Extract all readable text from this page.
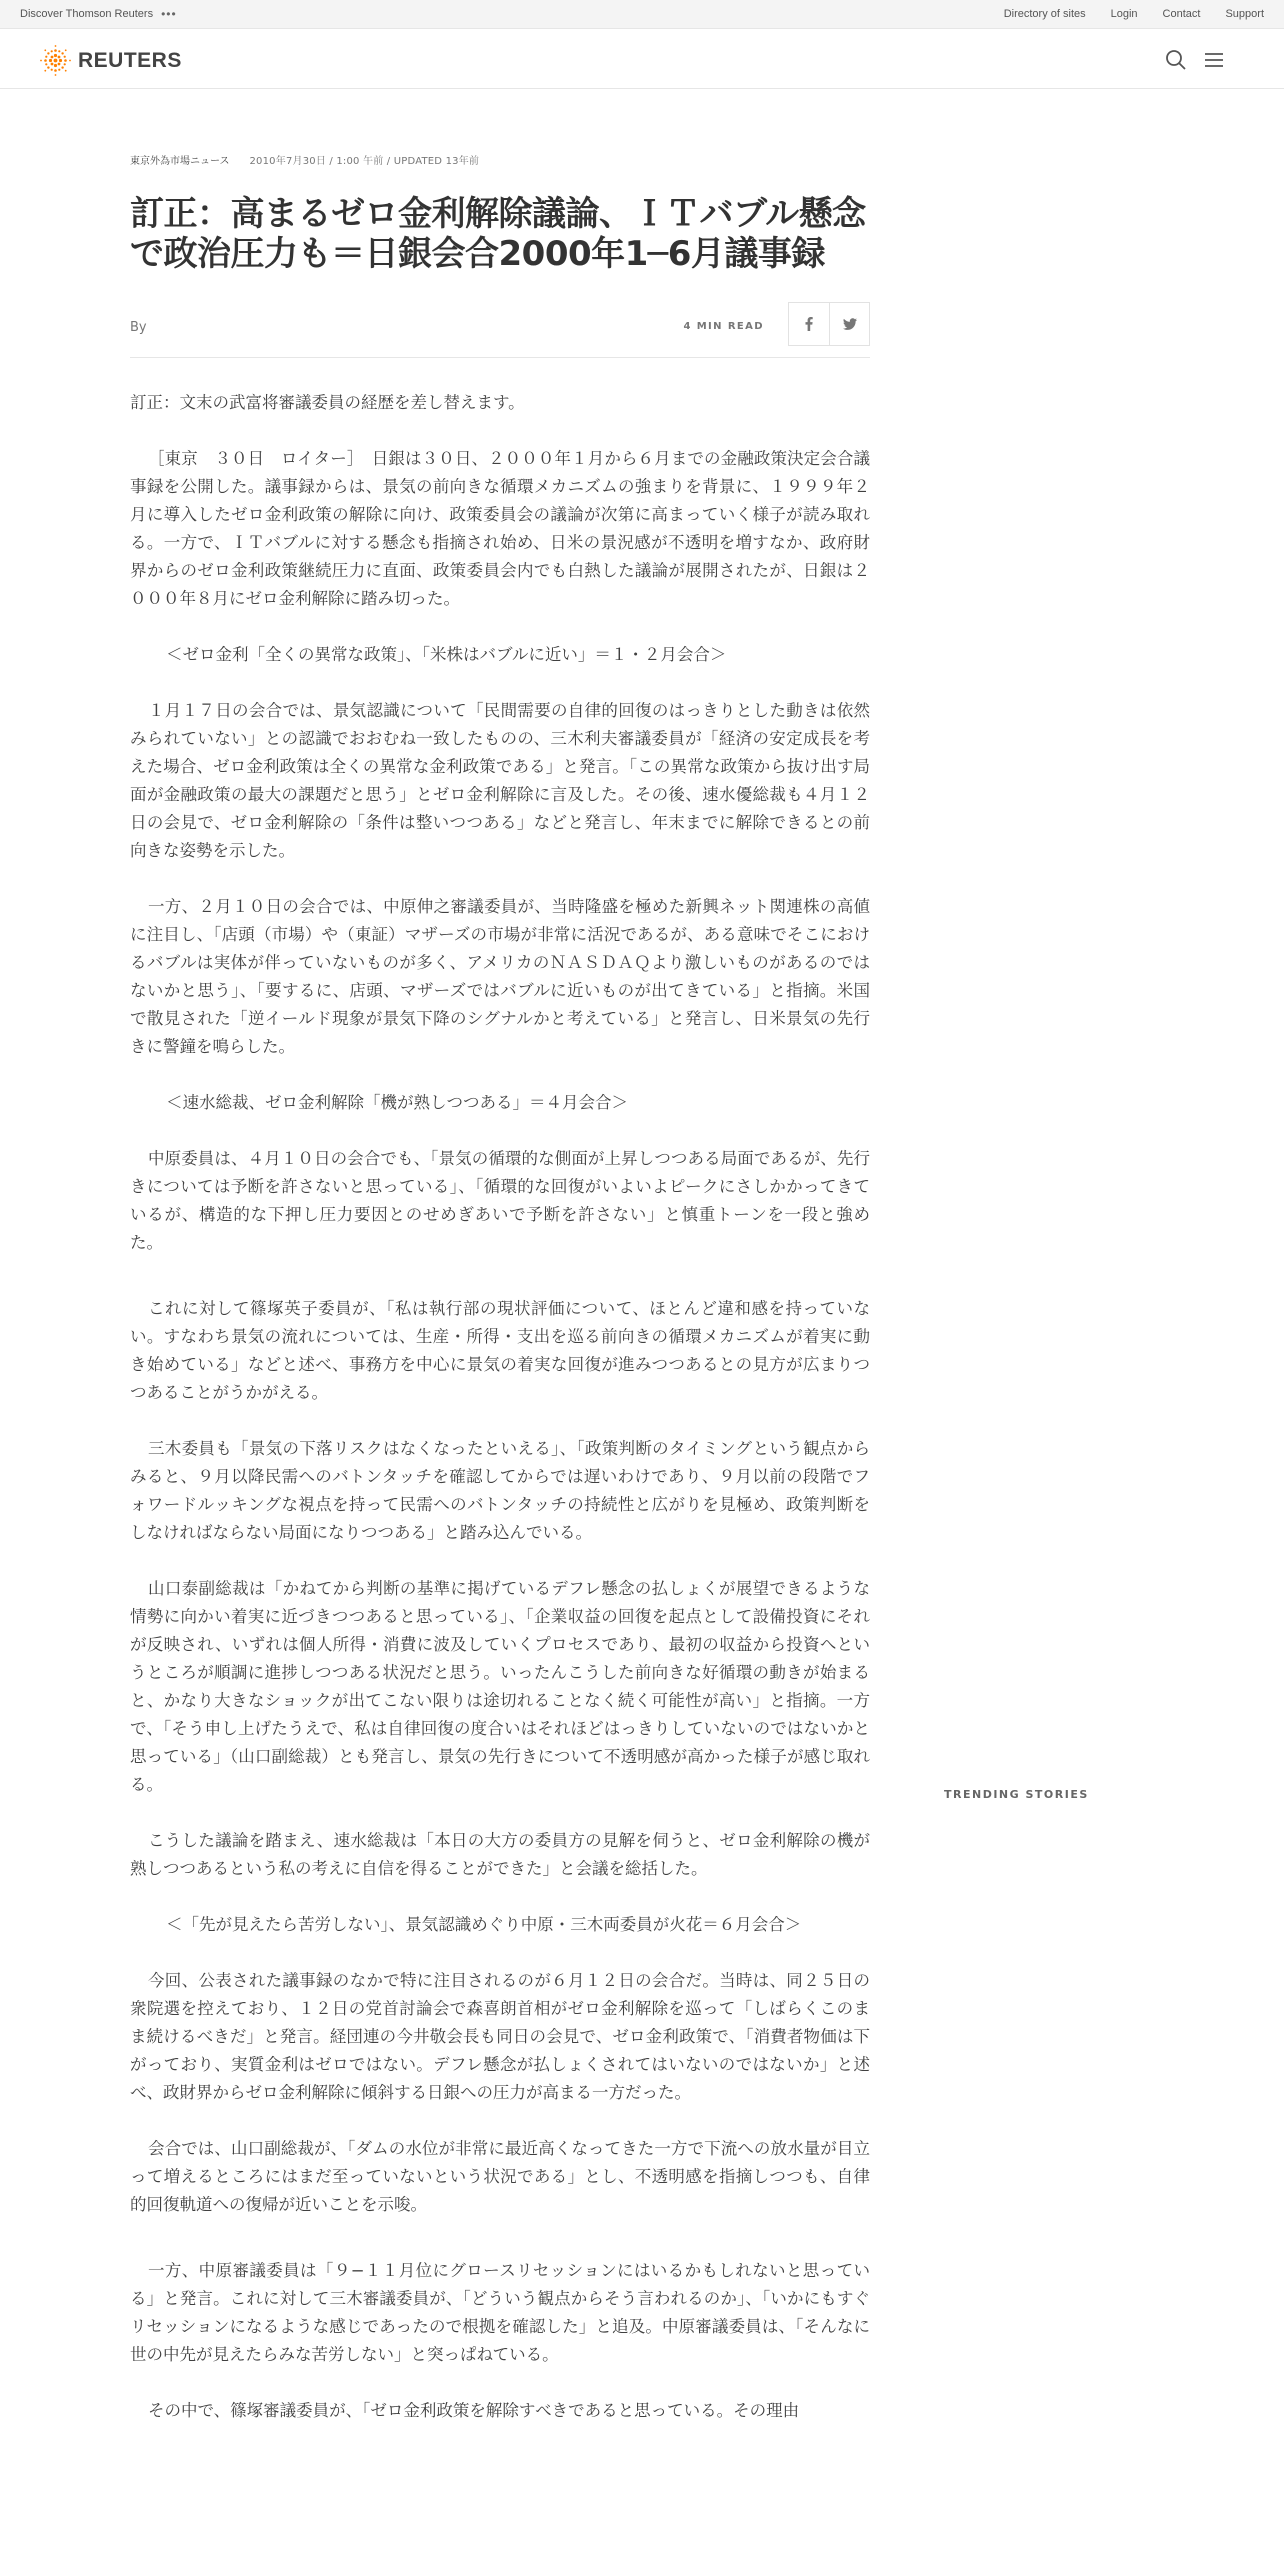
Discover Thomson Reuters •••	Directory of sites Login Contact Support
REUTERS
東京外為市場ニュース 2010年7月30日 / 1:00 午前 / UPDATED 13年前
訂正：高まるゼロ金利解除議論、ＩＴバブル懸念で政治圧力も＝日銀会合2000年1─6月議事録
By	4 MIN READ

訂正：文末の武富将審議委員の経歴を差し替えます。

［東京　３０日　ロイター］　日銀は３０日、２０００年１月から６月までの金融政策決定会合議事録を公開した。議事録からは、景気の前向きな循環メカニズムの強まりを背景に、１９９９年２月に導入したゼロ金利政策の解除に向け、政策委員会の議論が次第に高まっていく様子が読み取れる。一方で、ＩＴバブルに対する懸念も指摘され始め、日米の景況感が不透明を増すなか、政府財界からのゼロ金利政策継続圧力に直面、政策委員会内でも白熱した議論が展開されたが、日銀は２０００年８月にゼロ金利解除に踏み切った。

＜ゼロ金利「全くの異常な政策」、「米株はバブルに近い」＝１・２月会合＞

１月１７日の会合では、景気認識について「民間需要の自律的回復のはっきりとした動きは依然みられていない」との認識でおおむね一致したものの、三木利夫審議委員が「経済の安定成長を考えた場合、ゼロ金利政策は全くの異常な金利政策である」と発言。「この異常な政策から抜け出す局面が金融政策の最大の課題だと思う」とゼロ金利解除に言及した。その後、速水優総裁も４月１２日の会見で、ゼロ金利解除の「条件は整いつつある」などと発言し、年末までに解除できるとの前向きな姿勢を示した。

一方、２月１０日の会合では、中原伸之審議委員が、当時隆盛を極めた新興ネット関連株の高値に注目し、「店頭（市場）や（東証）マザーズの市場が非常に活況であるが、ある意味でそこにおけるバブルは実体が伴っていないものが多く、アメリカのＮＡＳＤＡＱより激しいものがあるのではないかと思う」、「要するに、店頭、マザーズではバブルに近いものが出てきている」と指摘。米国で散見された「逆イールド現象が景気下降のシグナルかと考えている」と発言し、日米景気の先行きに警鐘を鳴らした。

＜速水総裁、ゼロ金利解除「機が熟しつつある」＝４月会合＞

中原委員は、４月１０日の会合でも、「景気の循環的な側面が上昇しつつある局面であるが、先行きについては予断を許さないと思っている」、「循環的な回復がいよいよピークにさしかかってきているが、構造的な下押し圧力要因とのせめぎあいで予断を許さない」と慎重トーンを一段と強めた。

これに対して篠塚英子委員が、「私は執行部の現状評価について、ほとんど違和感を持っていない。すなわち景気の流れについては、生産・所得・支出を巡る前向きの循環メカニズムが着実に動き始めている」などと述べ、事務方を中心に景気の着実な回復が進みつつあるとの見方が広まりつつあることがうかがえる。

三木委員も「景気の下落リスクはなくなったといえる」、「政策判断のタイミングという観点からみると、９月以降民需へのバトンタッチを確認してからでは遅いわけであり、９月以前の段階でフォワードルッキングな視点を持って民需へのバトンタッチの持続性と広がりを見極め、政策判断をしなければならない局面になりつつある」と踏み込んでいる。

山口泰副総裁は「かねてから判断の基準に掲げているデフレ懸念の払しょくが展望できるような情勢に向かい着実に近づきつつあると思っている」、「企業収益の回復を起点として設備投資にそれが反映され、いずれは個人所得・消費に波及していくプロセスであり、最初の収益から投資へというところが順調に進捗しつつある状況だと思う。いったんこうした前向きな好循環の動きが始まると、かなり大きなショックが出てこない限りは途切れることなく続く可能性が高い」と指摘。一方で、「そう申し上げたうえで、私は自律回復の度合いはそれほどはっきりしていないのではないかと思っている」（山口副総裁）とも発言し、景気の先行きについて不透明感が高かった様子が感じ取れる。

こうした議論を踏まえ、速水総裁は「本日の大方の委員方の見解を伺うと、ゼロ金利解除の機が熟しつつあるという私の考えに自信を得ることができた」と会議を総括した。

＜「先が見えたら苦労しない」、景気認識めぐり中原・三木両委員が火花＝６月会合＞

今回、公表された議事録のなかで特に注目されるのが６月１２日の会合だ。当時は、同２５日の衆院選を控えており、１２日の党首討論会で森喜朗首相がゼロ金利解除を巡って「しばらくこのまま続けるべきだ」と発言。経団連の今井敬会長も同日の会見で、ゼロ金利政策で、「消費者物価は下がっており、実質金利はゼロではない。デフレ懸念が払しょくされてはいないのではないか」と述べ、政財界からゼロ金利解除に傾斜する日銀への圧力が高まる一方だった。

会合では、山口副総裁が、「ダムの水位が非常に最近高くなってきた一方で下流への放水量が目立って増えるところにはまだ至っていないという状況である」とし、不透明感を指摘しつつも、自律的回復軌道への復帰が近いことを示唆。

一方、中原審議委員は「９−１１月位にグロースリセッションにはいるかもしれないと思っている」と発言。これに対して三木審議委員が、「どういう観点からそう言われるのか」、「いかにもすぐリセッションになるような感じであったので根拠を確認した」と追及。中原審議委員は、「そんなに世の中先が見えたらみな苦労しない」と突っぱねている。

その中で、篠塚審議委員が、「ゼロ金利政策を解除すべきであると思っている。その理由

TRENDING STORIES
